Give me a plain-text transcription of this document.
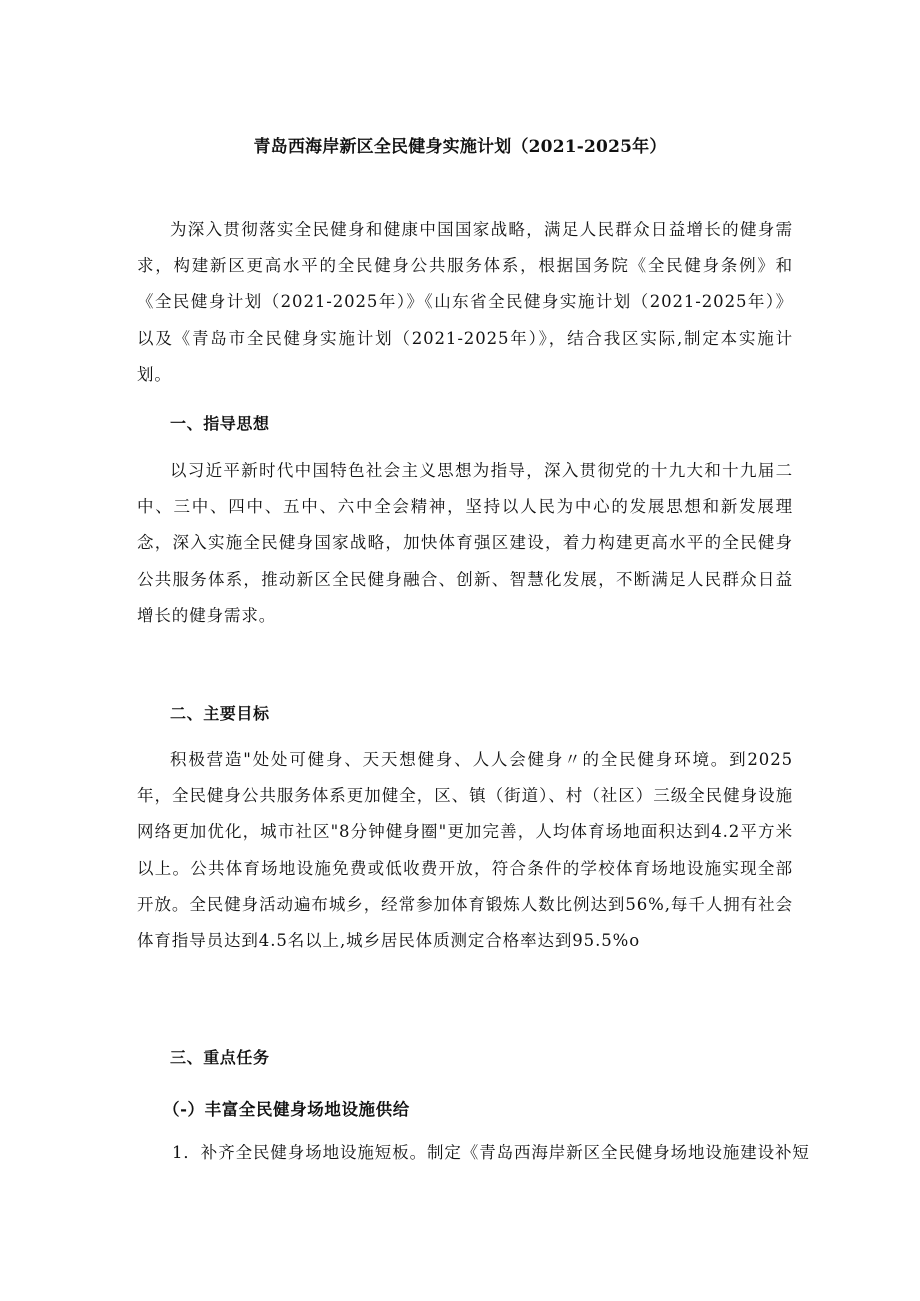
青岛西海岸新区全民健身实施计划（2021-2025年）

为深入贯彻落实全民健身和健康中国国家战略，满足人民群众日益增长的健身需求，构建新区更高水平的全民健身公共服务体系，根据国务院《全民健身条例》和《全民健身计划（2021-2025年）》《山东省全民健身实施计划（2021-2025年）》以及《青岛市全民健身实施计划（2021-2025年）》，结合我区实际,制定本实施计划。

一、指导思想

以习近平新时代中国特色社会主义思想为指导，深入贯彻党的十九大和十九届二中、三中、四中、五中、六中全会精神，坚持以人民为中心的发展思想和新发展理念，深入实施全民健身国家战略，加快体育强区建设，着力构建更高水平的全民健身公共服务体系，推动新区全民健身融合、创新、智慧化发展，不断满足人民群众日益增长的健身需求。

二、主要目标

积极营造"处处可健身、天天想健身、人人会健身〃的全民健身环境。到2025年，全民健身公共服务体系更加健全，区、镇（街道）、村（社区）三级全民健身设施网络更加优化，城市社区"8分钟健身圈"更加完善，人均体育场地面积达到4.2平方米以上。公共体育场地设施免费或低收费开放，符合条件的学校体育场地设施实现全部开放。全民健身活动遍布城乡，经常参加体育锻炼人数比例达到56%,每千人拥有社会体育指导员达到4.5名以上,城乡居民体质测定合格率达到95.5%o

三、重点任务
（-）丰富全民健身场地设施供给

1．补齐全民健身场地设施短板。制定《青岛西海岸新区全民健身场地设施建设补短
